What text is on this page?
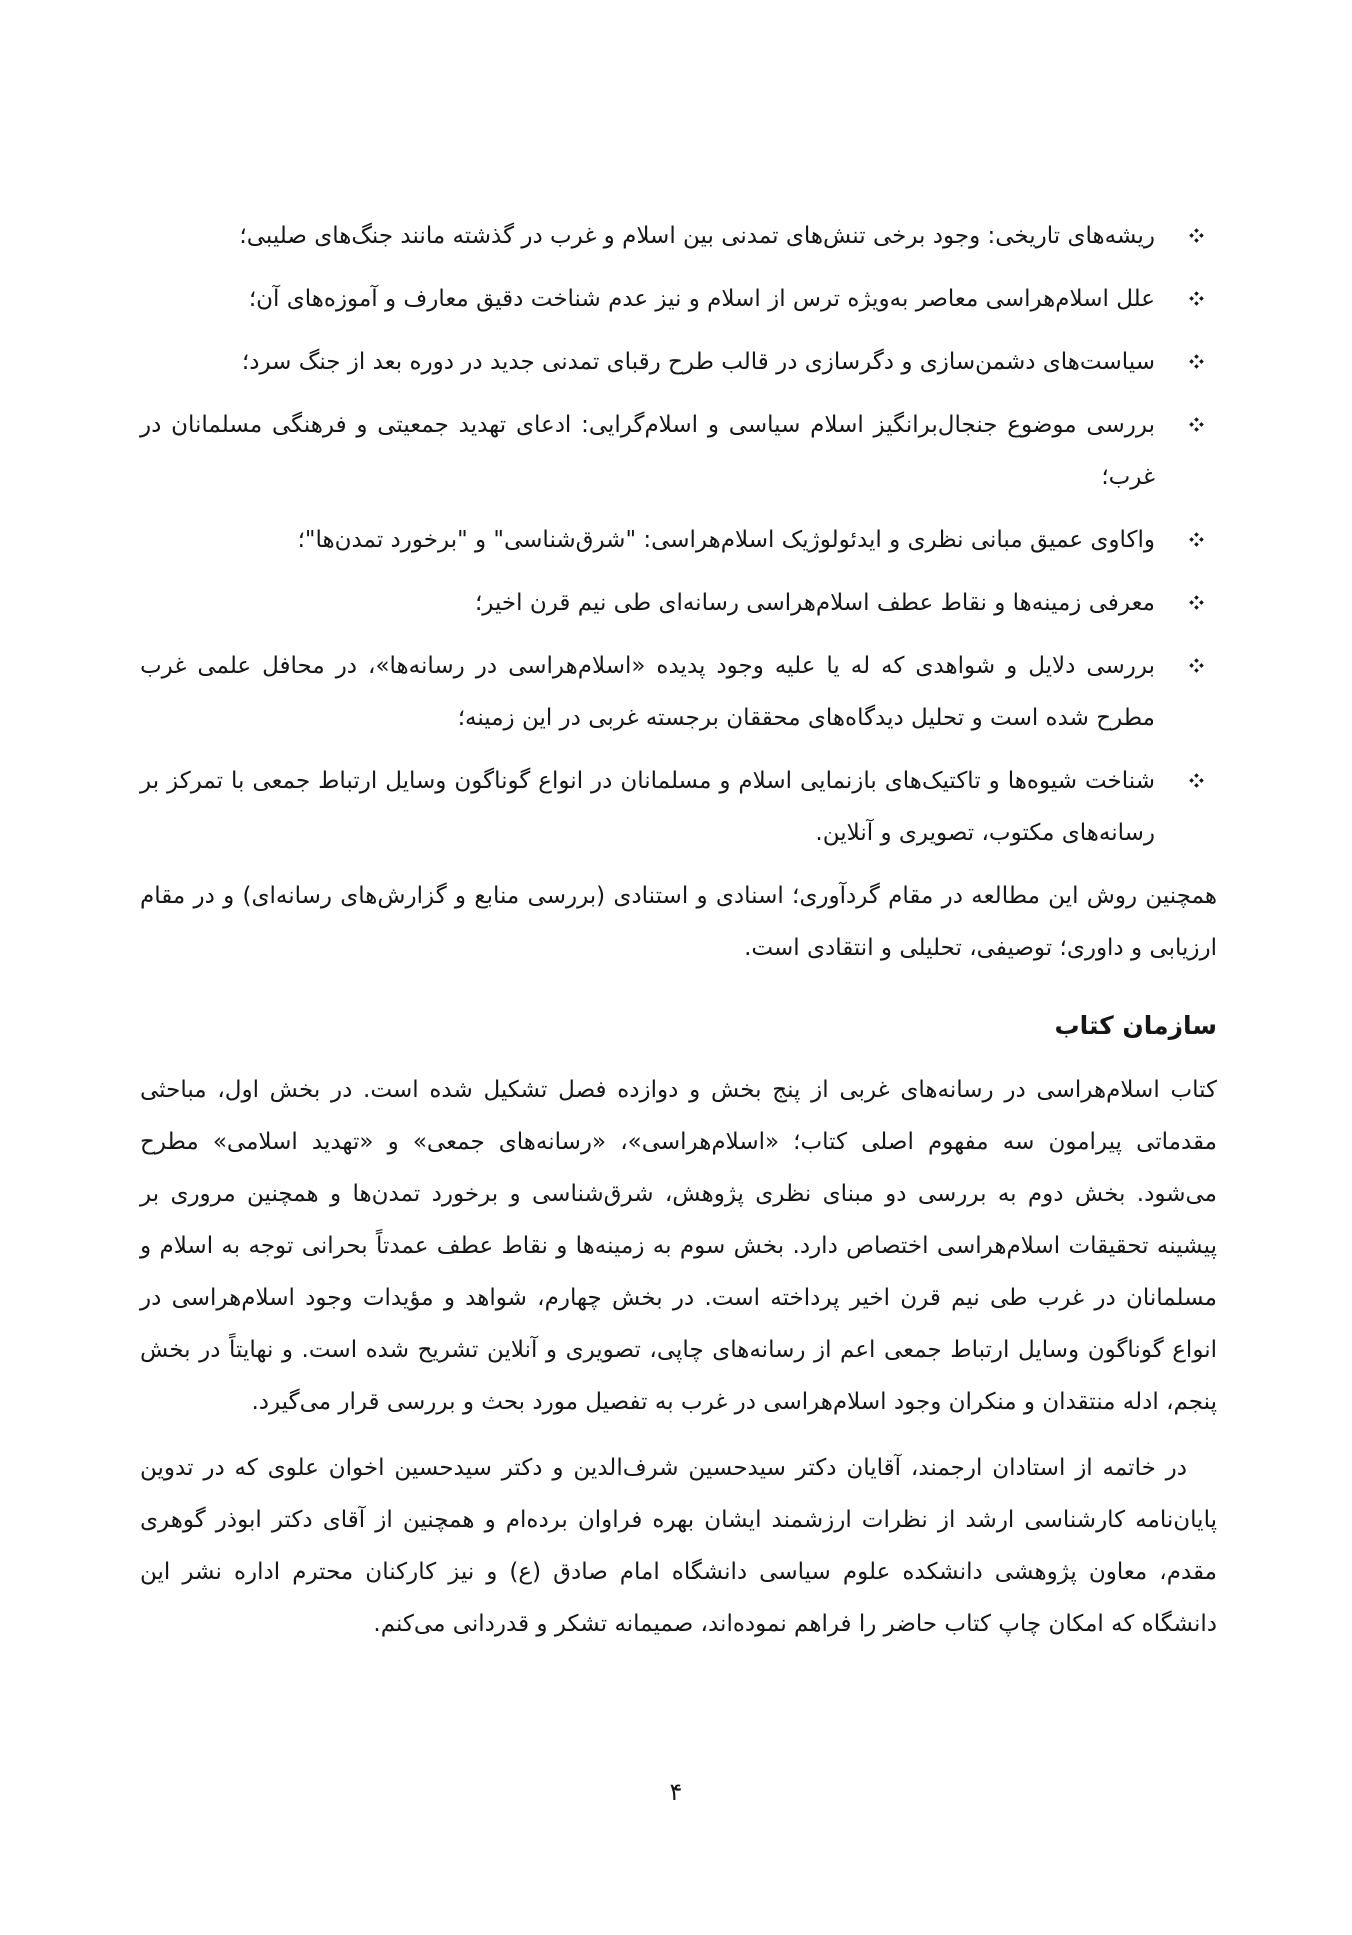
ریشه‌های تاریخی: وجود برخی تنش‌های تمدنی بین اسلام و غرب در گذشته مانند جنگ‌های صلیبی؛
علل اسلام‌هراسی معاصر به‌ویژه ترس از اسلام و نیز عدم شناخت دقیق معارف و آموزه‌های آن؛
سیاست‌های دشمن‌سازی و دگرسازی در قالب طرح رقبای تمدنی جدید در دوره بعد از جنگ سرد؛
بررسی موضوع جنجال‌برانگیز اسلام سیاسی و اسلام‌گرایی: ادعای تهدید جمعیتی و فرهنگی مسلمانان در غرب؛
واکاوی عمیق مبانی نظری و ایدئولوژیک اسلام‌هراسی: "شرق‌شناسی" و "برخورد تمدن‌ها"؛
معرفی زمینه‌ها و نقاط عطف اسلام‌هراسی رسانه‌ای طی نیم قرن اخیر؛
بررسی دلایل و شواهدی که له یا علیه وجود پدیده «اسلام‌هراسی در رسانه‌ها»، در محافل علمی غرب مطرح شده است و تحلیل دیدگاه‌های محققان برجسته غربی در این زمینه؛
شناخت شیوه‌ها و تاکتیک‌های بازنمایی اسلام و مسلمانان در انواع گوناگون وسایل ارتباط جمعی با تمرکز بر رسانه‌های مکتوب، تصویری و آنلاین.

همچنین روش این مطالعه در مقام گردآوری؛ اسنادی و استنادی (بررسی منابع و گزارش‌های رسانه‌ای) و در مقام ارزیابی و داوری؛ توصیفی، تحلیلی و انتقادی است.

سازمان کتاب

کتاب اسلام‌هراسی در رسانه‌های غربی از پنج بخش و دوازده فصل تشکیل شده است. در بخش اول، مباحثی مقدماتی پیرامون سه مفهوم اصلی کتاب؛ «اسلام‌هراسی»، «رسانه‌های جمعی» و «تهدید اسلامی» مطرح می‌شود. بخش دوم به بررسی دو مبنای نظری پژوهش، شرق‌شناسی و برخورد تمدن‌ها و همچنین مروری بر پیشینه تحقیقات اسلام‌هراسی اختصاص دارد. بخش سوم به زمینه‌ها و نقاط عطف عمدتاً بحرانی توجه به اسلام و مسلمانان در غرب طی نیم قرن اخیر پرداخته است. در بخش چهارم، شواهد و مؤیدات وجود اسلام‌هراسی در انواع گوناگون وسایل ارتباط جمعی اعم از رسانه‌های چاپی، تصویری و آنلاین تشریح شده است. و نهایتاً در بخش پنجم، ادله منتقدان و منکران وجود اسلام‌هراسی در غرب به تفصیل مورد بحث و بررسی قرار می‌گیرد.

در خاتمه از استادان ارجمند، آقایان دکتر سیدحسین شرف‌الدین و دکتر سیدحسین اخوان علوی که در تدوین پایان‌نامه کارشناسی ارشد از نظرات ارزشمند ایشان بهره فراوان برده‌ام و همچنین از آقای دکتر ابوذر گوهری مقدم، معاون پژوهشی دانشکده علوم سیاسی دانشگاه امام صادق (ع) و نیز کارکنان محترم اداره نشر این دانشگاه که امکان چاپ کتاب حاضر را فراهم نموده‌اند، صمیمانه تشکر و قدردانی می‌کنم.

۴
